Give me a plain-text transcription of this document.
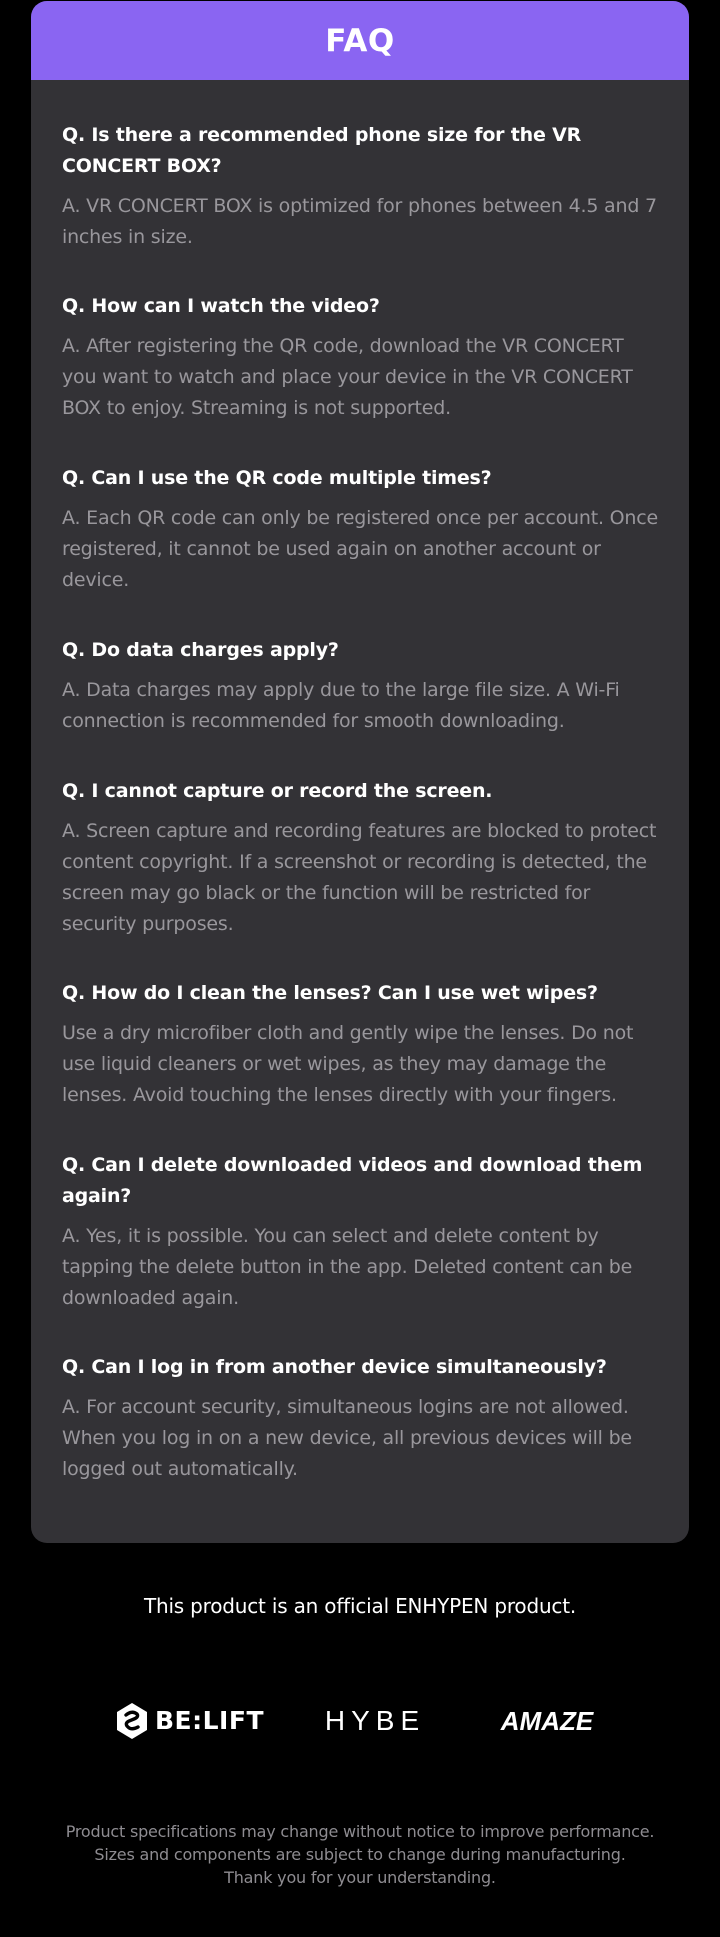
FAQ

Q. Is there a recommended phone size for the VR CONCERT BOX?

A. VR CONCERT BOX is optimized for phones between 4.5 and 7 inches in size.

Q. How can I watch the video?

A. After registering the QR code, download the VR CONCERT you want to watch and place your device in the VR CONCERT BOX to enjoy. Streaming is not supported.

Q. Can I use the QR code multiple times?

A. Each QR code can only be registered once per account. Once registered, it cannot be used again on another account or device.

Q. Do data charges apply?

A. Data charges may apply due to the large file size. A Wi-Fi connection is recommended for smooth downloading.

Q. I cannot capture or record the screen.

A. Screen capture and recording features are blocked to protect content copyright. If a screenshot or recording is detected, the screen may go black or the function will be restricted for security purposes.

Q. How do I clean the lenses? Can I use wet wipes?

Use a dry microfiber cloth and gently wipe the lenses. Do not use liquid cleaners or wet wipes, as they may damage the lenses. Avoid touching the lenses directly with your fingers.

Q. Can I delete downloaded videos and download them again?

A. Yes, it is possible. You can select and delete content by tapping the delete button in the app. Deleted content can be downloaded again.

Q. Can I log in from another device simultaneously?

A. For account security, simultaneous logins are not allowed. When you log in on a new device, all previous devices will be logged out automatically.

This product is an official ENHYPEN product.
BE:LIFT	HYBE	AMAZE
Product specifications may change without notice to improve performance.
Sizes and components are subject to change during manufacturing.
Thank you for your understanding.
